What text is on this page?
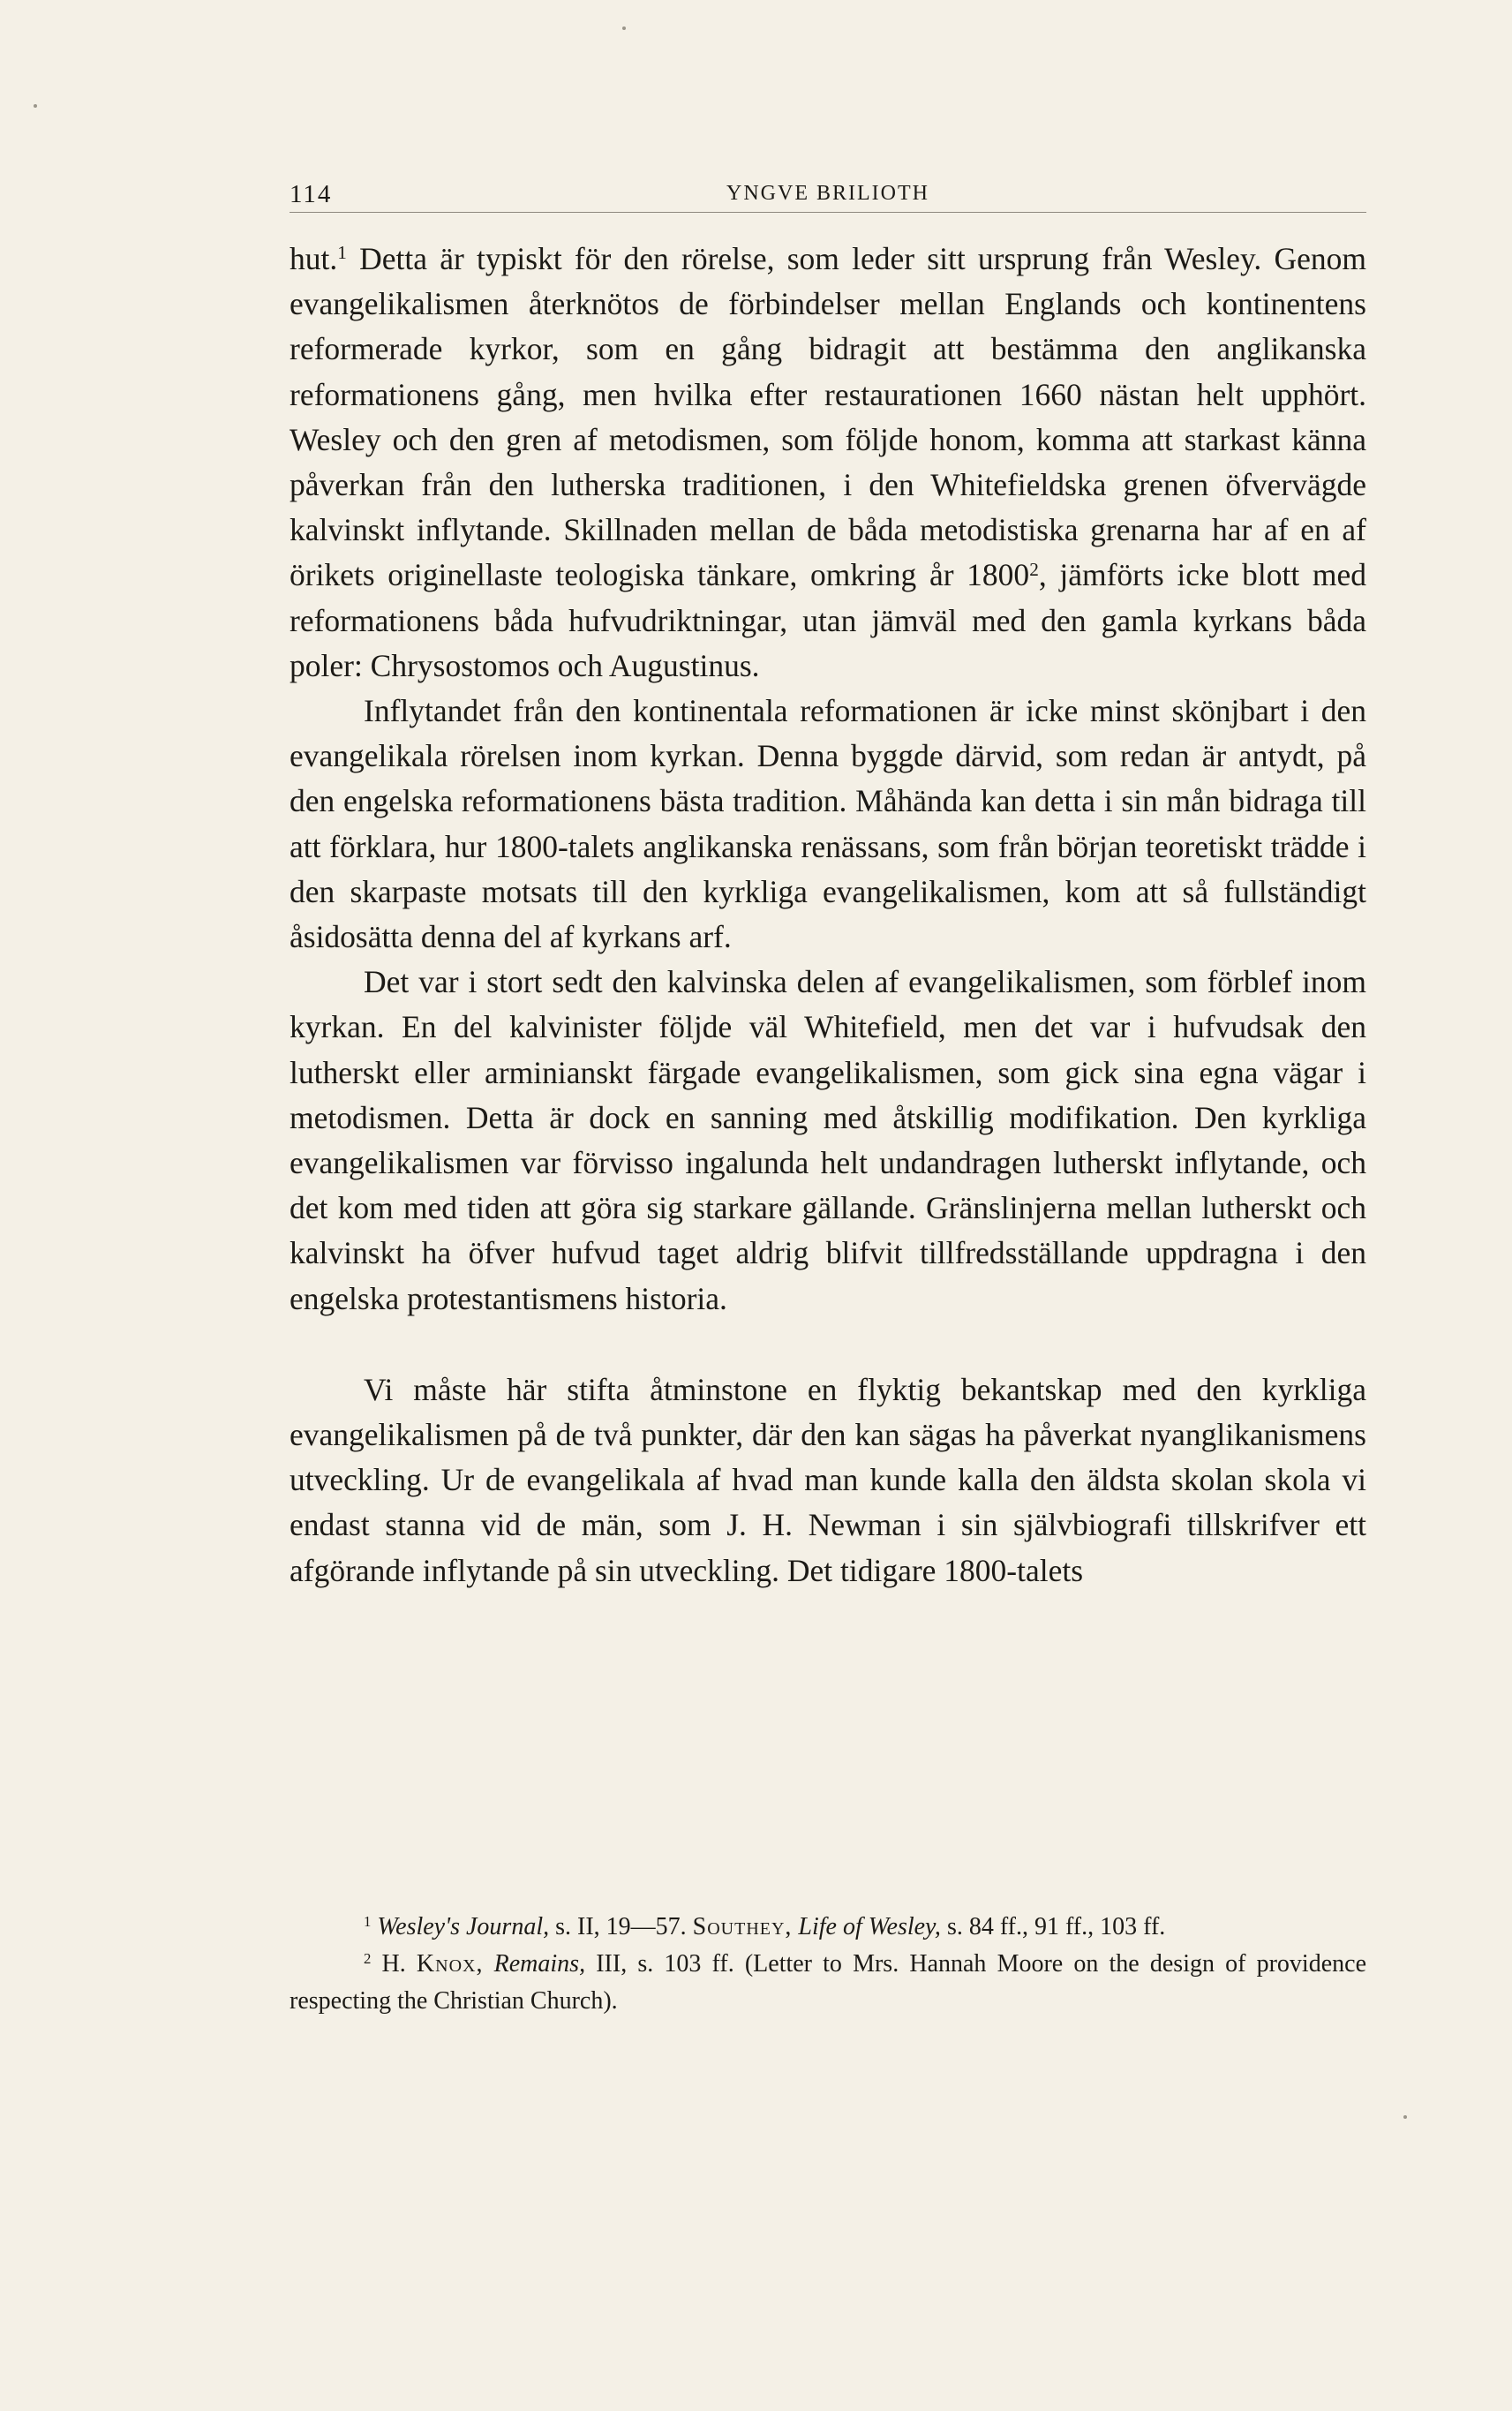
114	YNGVE BRILIOTH

hut.$^1$ Detta är typiskt för den rörelse, som leder sitt ursprung från Wesley. Genom evangelikalismen återknötos de förbindelser mellan Englands och kontinentens reformerade kyrkor, som en gång bidragit att bestämma den anglikanska reformationens gång, men hvilka efter restaurationen 1660 nästan helt upphört. Wesley och den gren af metodismen, som följde honom, komma att starkast känna påverkan från den lutherska traditionen, i den Whitefieldska grenen öfvervägde kalvinskt inflytande. Skillnaden mellan de båda metodistiska grenarna har af en af örikets originellaste teologiska tänkare, omkring år 1800$^2$, jämförts icke blott med reformationens båda hufvudriktningar, utan jämväl med den gamla kyrkans båda poler: Chrysostomos och Augustinus.

Inflytandet från den kontinentala reformationen är icke minst skönjbart i den evangelikala rörelsen inom kyrkan. Denna byggde därvid, som redan är antydt, på den engelska reformationens bästa tradition. Måhända kan detta i sin mån bidraga till att förklara, hur 1800-talets anglikanska renässans, som från början teoretiskt trädde i den skarpaste motsats till den kyrkliga evangelikalismen, kom att så fullständigt åsidosätta denna del af kyrkans arf.

Det var i stort sedt den kalvinska delen af evangelikalismen, som förblef inom kyrkan. En del kalvinister följde väl Whitefield, men det var i hufvudsak den lutherskt eller arminianskt färgade evangelikalismen, som gick sina egna vägar i metodismen. Detta är dock en sanning med åtskillig modifikation. Den kyrkliga evangelikalismen var förvisso ingalunda helt undandragen lutherskt inflytande, och det kom med tiden att göra sig starkare gällande. Gränslinjerna mellan lutherskt och kalvinskt ha öfver hufvud taget aldrig blifvit tillfredsställande uppdragna i den engelska protestantismens historia.

Vi måste här stifta åtminstone en flyktig bekantskap med den kyrkliga evangelikalismen på de två punkter, där den kan sägas ha påverkat nyanglikanismens utveckling. Ur de evangelikala af hvad man kunde kalla den äldsta skolan skola vi endast stanna vid de män, som J. H. Newman i sin självbiografi tillskrifver ett afgörande inflytande på sin utveckling. Det tidigare 1800-talets

$^1$ Wesley's Journal, s. II, 19—57. Southey, Life of Wesley, s. 84 ff., 91 ff., 103 ff.

$^2$ H. Knox, Remains, III, s. 103 ff. (Letter to Mrs. Hannah Moore on the design of providence respecting the Christian Church).
